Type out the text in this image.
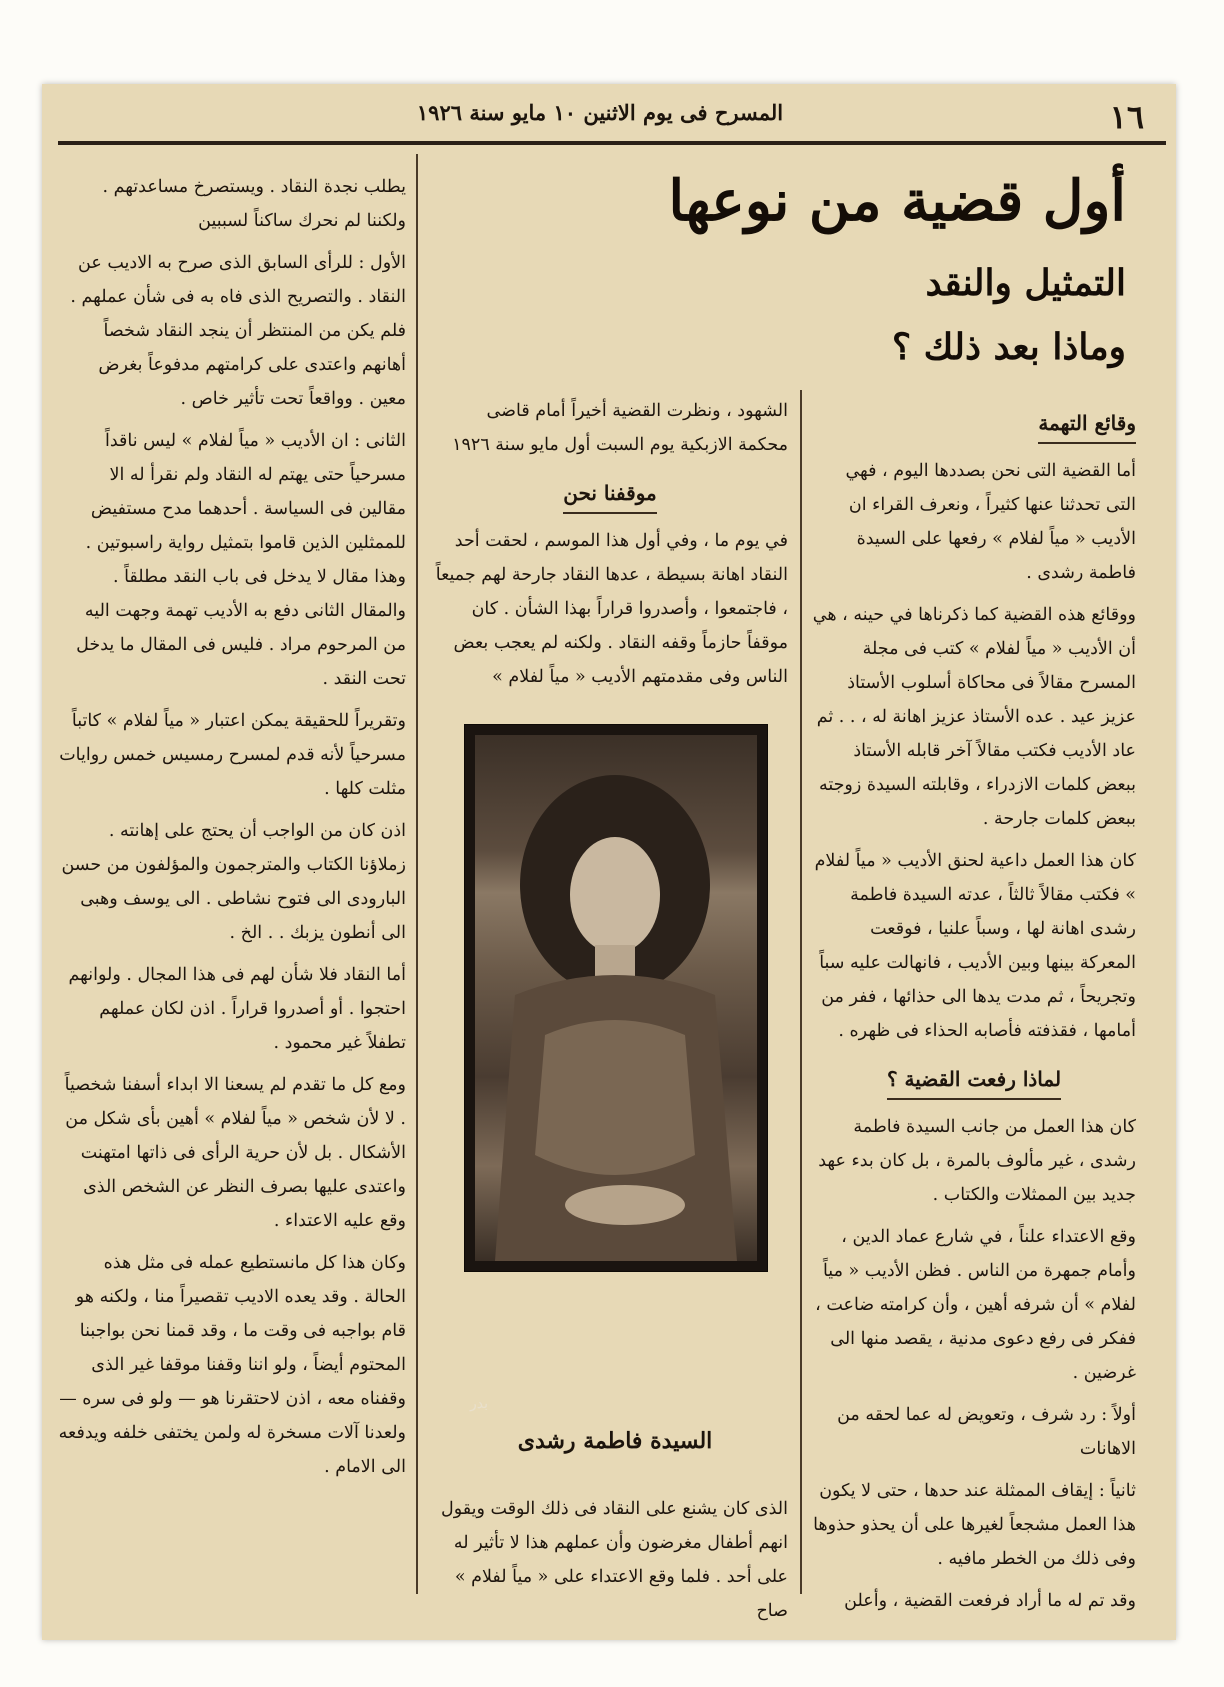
١٦
المسرح فى يوم الاثنين ١٠ مايو سنة ١٩٢٦
أول قضية من نوعها
التمثيل والنقد
وماذا بعد ذلك ؟
وقائع التهمة

أما القضية التى نحن بصددها اليوم ، فهي التى تحدثنا عنها كثيراً ، ونعرف القراء ان الأديب « مياً لفلام » رفعها على السيدة فاطمة رشدى .

ووقائع هذه القضية كما ذكرناها في حينه ، هي أن الأديب « مياً لفلام » كتب فى مجلة المسرح مقالاً فى محاكاة أسلوب الأستاذ عزيز عيد . عده الأستاذ عزيز اهانة له ، . . ثم عاد الأديب فكتب مقالاً آخر قابله الأستاذ ببعض كلمات الازدراء ، وقابلته السيدة زوجته ببعض كلمات جارحة .

كان هذا العمل داعية لحنق الأديب « مياً لفلام » فكتب مقالاً ثالثاً ، عدته السيدة فاطمة رشدى اهانة لها ، وسباً علنيا ، فوقعت المعركة بينها وبين الأديب ، فانهالت عليه سباً وتجريحاً ، ثم مدت يدها الى حذائها ، ففر من أمامها ، فقذفته فأصابه الحذاء فى ظهره .

لماذا رفعت القضية ؟

كان هذا العمل من جانب السيدة فاطمة رشدى ، غير مألوف بالمرة ، بل كان بدء عهد جديد بين الممثلات والكتاب .

وقع الاعتداء علناً ، في شارع عماد الدين ، وأمام جمهرة من الناس . فظن الأديب « مياً لفلام » أن شرفه أهين ، وأن كرامته ضاعت ، ففكر فى رفع دعوى مدنية ، يقصد منها الى غرضين .

أولاً : رد شرف ، وتعويض له عما لحقه من الاهانات

ثانياً : إيقاف الممثلة عند حدها ، حتى لا يكون هذا العمل مشجعاً لغيرها على أن يحذو حذوها وفى ذلك من الخطر مافيه .

وقد تم له ما أراد فرفعت القضية ، وأعلن

الشهود ، ونظرت القضية أخيراً أمام قاضى محكمة الازبكية يوم السبت أول مايو سنة ١٩٢٦

موقفنا نحن

في يوم ما ، وفي أول هذا الموسم ، لحقت أحد النقاد اهانة بسيطة ، عدها النقاد جارحة لهم جميعاً ، فاجتمعوا ، وأصدروا قراراً بهذا الشأن . كان موقفاً حازماً وقفه النقاد . ولكنه لم يعجب بعض الناس وفى مقدمتهم الأديب « مياً لفلام »

بدر
السيدة فاطمة رشدى

الذى كان يشنع على النقاد فى ذلك الوقت ويقول انهم أطفال مغرضون وأن عملهم هذا لا تأثير له على أحد . فلما وقع الاعتداء على « مياً لفلام » صاح

يطلب نجدة النقاد . ويستصرخ مساعدتهم . ولكننا لم نحرك ساكناً لسببين

الأول : للرأى السابق الذى صرح به الاديب عن النقاد . والتصريح الذى فاه به فى شأن عملهم . فلم يكن من المنتظر أن ينجد النقاد شخصاً أهانهم واعتدى على كرامتهم مدفوعاً بغرض معين . وواقعاً تحت تأثير خاص .

الثانى : ان الأديب « مياً لفلام » ليس ناقداً مسرحياً حتى يهتم له النقاد ولم نقرأ له الا مقالين فى السياسة . أحدهما مدح مستفيض للممثلين الذين قاموا بتمثيل رواية راسبوتين . وهذا مقال لا يدخل فى باب النقد مطلقاً . والمقال الثانى دفع به الأديب تهمة وجهت اليه من المرحوم مراد . فليس فى المقال ما يدخل تحت النقد .

وتقريراً للحقيقة يمكن اعتبار « مياً لفلام » كاتباً مسرحياً لأنه قدم لمسرح رمسيس خمس روايات مثلت كلها .

اذن كان من الواجب أن يحتج على إهانته . زملاؤنا الكتاب والمترجمون والمؤلفون من حسن البارودى الى فتوح نشاطى . الى يوسف وهبى الى أنطون يزبك . . الخ .

أما النقاد فلا شأن لهم فى هذا المجال . ولوانهم احتجوا . أو أصدروا قراراً . اذن لكان عملهم تطفلاً غير محمود .

ومع كل ما تقدم لم يسعنا الا ابداء أسفنا شخصياً . لا لأن شخص « مياً لفلام » أهين بأى شكل من الأشكال . بل لأن حرية الرأى فى ذاتها امتهنت واعتدى عليها بصرف النظر عن الشخص الذى وقع عليه الاعتداء .

وكان هذا كل مانستطيع عمله فى مثل هذه الحالة . وقد يعده الاديب تقصيراً منا ، ولكنه هو قام بواجبه فى وقت ما ، وقد قمنا نحن بواجبنا المحتوم أيضاً ، ولو اننا وقفنا موقفا غير الذى وقفناه معه ، اذن لاحتقرنا هو — ولو فى سره — ولعدنا آلات مسخرة له ولمن يختفى خلفه ويدفعه الى الامام .
